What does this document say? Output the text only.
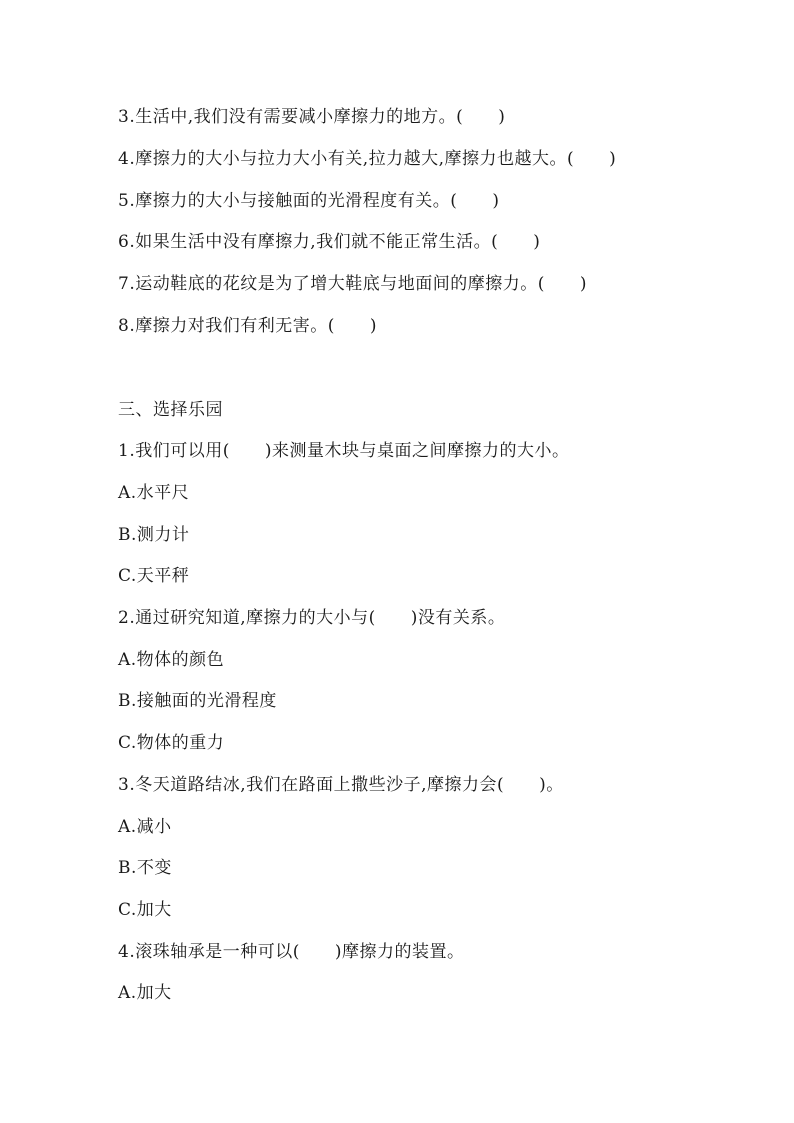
3.生活中,我们没有需要减小摩擦力的地方。(　　)
4.摩擦力的大小与拉力大小有关,拉力越大,摩擦力也越大。(　　)
5.摩擦力的大小与接触面的光滑程度有关。(　　)
6.如果生活中没有摩擦力,我们就不能正常生活。(　　)
7.运动鞋底的花纹是为了增大鞋底与地面间的摩擦力。(　　)
8.摩擦力对我们有利无害。(　　)
三、选择乐园
1.我们可以用(　　)来测量木块与桌面之间摩擦力的大小。
A.水平尺
B.测力计
C.天平秤
2.通过研究知道,摩擦力的大小与(　　)没有关系。
A.物体的颜色
B.接触面的光滑程度
C.物体的重力
3.冬天道路结冰,我们在路面上撒些沙子,摩擦力会(　　)。
A.减小
B.不变
C.加大
4.滚珠轴承是一种可以(　　)摩擦力的装置。
A.加大
